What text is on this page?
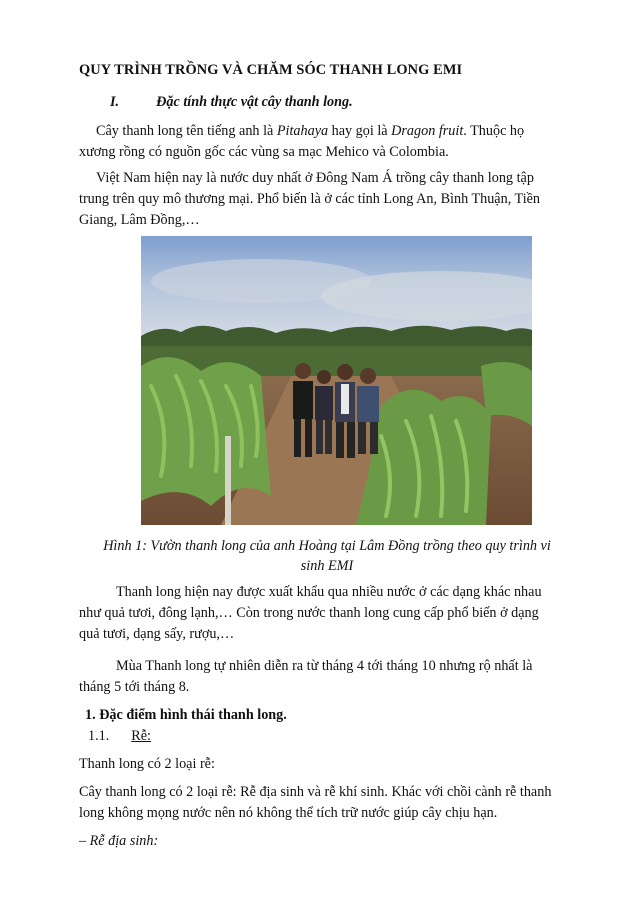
QUY TRÌNH TRỒNG VÀ CHĂM SÓC THANH LONG EMI
I.	Đặc tính thực vật cây thanh long.
Cây thanh long tên tiếng anh là Pitahaya hay gọi là Dragon fruit. Thuộc họ
xương rồng có nguồn gốc các vùng sa mạc Mehico và Colombia.
Việt Nam hiện nay là nước duy nhất ở Đông Nam Á trồng cây thanh long tập
trung trên quy mô thương mại. Phổ biến là ở các tỉnh Long An, Bình Thuận, Tiền
Giang, Lâm Đồng,…
Hình 1: Vườn thanh long của anh Hoàng tại Lâm Đồng trồng theo quy trình vi
sinh EMI
Thanh long hiện nay được xuất khẩu qua nhiều nước ở các dạng khác nhau
như quả tươi, đông lạnh,… Còn trong nước thanh long cung cấp phổ biến ở dạng
quả tươi, dạng sấy, rượu,…
Mùa Thanh long tự nhiên diễn ra từ tháng 4 tới tháng 10 nhưng rộ nhất là
tháng 5 tới tháng 8.
1. Đặc điểm hình thái thanh long.
1.1. Rễ:
Thanh long có 2 loại rễ:
Cây thanh long có 2 loại rễ: Rễ địa sinh và rễ khí sinh. Khác với chồi cành rễ thanh
long không mọng nước nên nó không thể tích trữ nước giúp cây chịu hạn.
– Rễ địa sinh:
